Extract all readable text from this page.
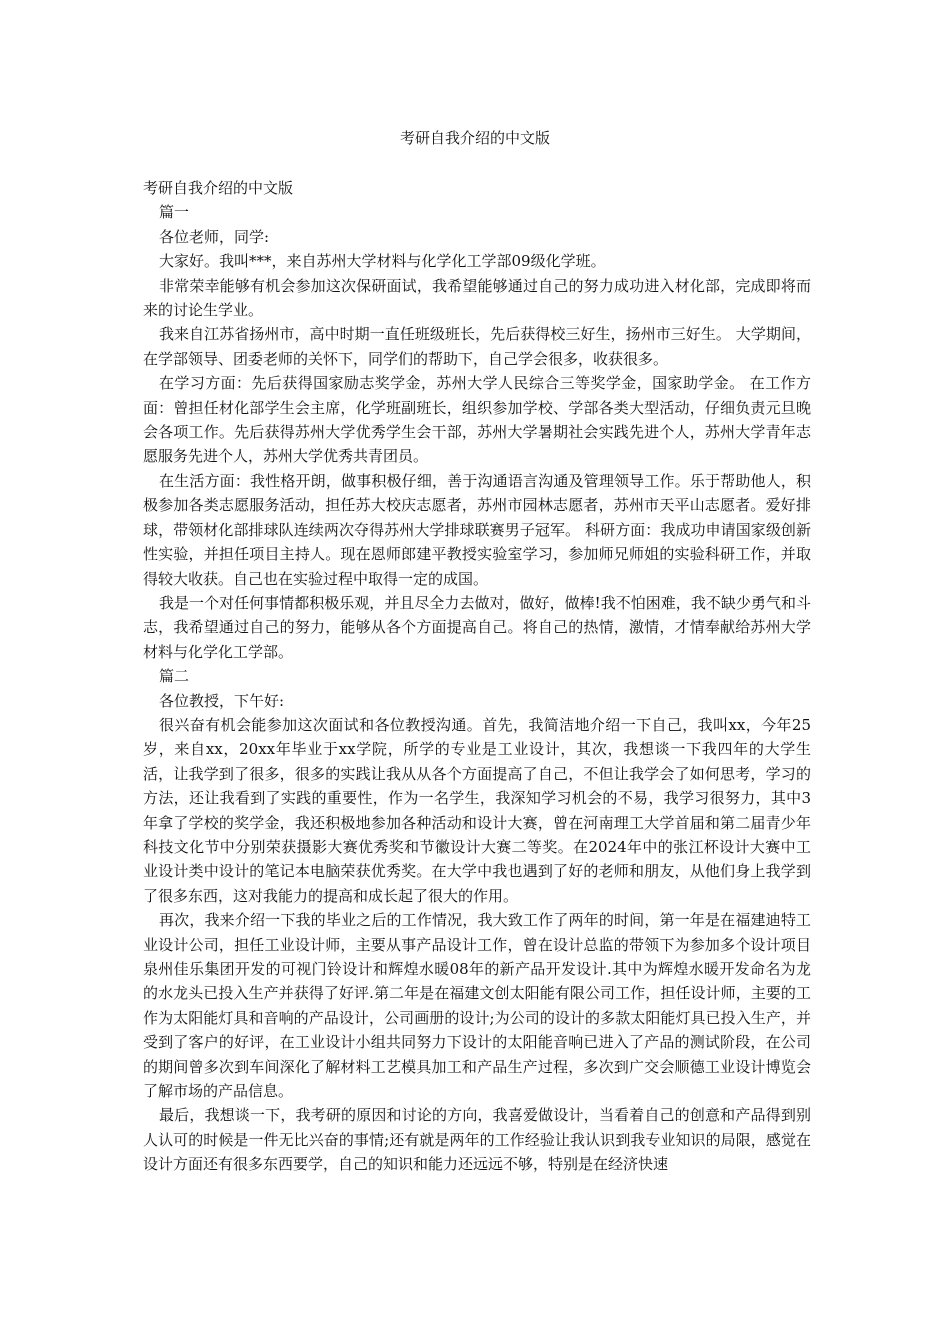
考研自我介绍的中文版

考研自我介绍的中文版

篇一

各位老师，同学:

大家好。我叫***，来自苏州大学材料与化学化工学部09级化学班。

非常荣幸能够有机会参加这次保研面试，我希望能够通过自己的努力成功进入材化部，完成即将而来的讨论生学业。

我来自江苏省扬州市，高中时期一直任班级班长，先后获得校三好生，扬州市三好生。 大学期间，在学部领导、团委老师的关怀下，同学们的帮助下，自己学会很多，收获很多。

在学习方面：先后获得国家励志奖学金，苏州大学人民综合三等奖学金，国家助学金。 在工作方面：曾担任材化部学生会主席，化学班副班长，组织参加学校、学部各类大型活动，仔细负责元旦晚会各项工作。先后获得苏州大学优秀学生会干部，苏州大学暑期社会实践先进个人，苏州大学青年志愿服务先进个人，苏州大学优秀共青团员。

在生活方面：我性格开朗，做事积极仔细，善于沟通语言沟通及管理领导工作。乐于帮助他人，积极参加各类志愿服务活动，担任苏大校庆志愿者，苏州市园林志愿者，苏州市天平山志愿者。爱好排球，带领材化部排球队连续两次夺得苏州大学排球联赛男子冠军。 科研方面：我成功申请国家级创新性实验，并担任项目主持人。现在恩师郎建平教授实验室学习，参加师兄师姐的实验科研工作，并取得较大收获。自己也在实验过程中取得一定的成国。

我是一个对任何事情都积极乐观，并且尽全力去做对，做好，做棒!我不怕困难，我不缺少勇气和斗志，我希望通过自己的努力，能够从各个方面提高自己。将自己的热情，激情，才情奉献给苏州大学材料与化学化工学部。

篇二

各位教授，下午好:

很兴奋有机会能参加这次面试和各位教授沟通。首先，我简洁地介绍一下自己，我叫xx，今年25岁，来自xx，20xx年毕业于xx学院，所学的专业是工业设计，其次，我想谈一下我四年的大学生活，让我学到了很多，很多的实践让我从从各个方面提高了自己，不但让我学会了如何思考，学习的方法，还让我看到了实践的重要性，作为一名学生，我深知学习机会的不易，我学习很努力，其中3年拿了学校的奖学金，我还积极地参加各种活动和设计大赛，曾在河南理工大学首届和第二届青少年科技文化节中分别荣获摄影大赛优秀奖和节徽设计大赛二等奖。在2024年中的张江杯设计大赛中工业设计类中设计的笔记本电脑荣获优秀奖。在大学中我也遇到了好的老师和朋友，从他们身上我学到了很多东西，这对我能力的提高和成长起了很大的作用。

再次，我来介绍一下我的毕业之后的工作情况，我大致工作了两年的时间，第一年是在福建迪特工业设计公司，担任工业设计师，主要从事产品设计工作，曾在设计总监的带领下为参加多个设计项目泉州佳乐集团开发的可视门铃设计和辉煌水暖08年的新产品开发设计.其中为辉煌水暖开发命名为龙的水龙头已投入生产并获得了好评.第二年是在福建文创太阳能有限公司工作，担任设计师，主要的工作为太阳能灯具和音响的产品设计，公司画册的设计;为公司的设计的多款太阳能灯具已投入生产，并受到了客户的好评，在工业设计小组共同努力下设计的太阳能音响已进入了产品的测试阶段，在公司的期间曾多次到车间深化了解材料工艺模具加工和产品生产过程，多次到广交会顺德工业设计博览会了解市场的产品信息。

最后，我想谈一下，我考研的原因和讨论的方向，我喜爱做设计，当看着自己的创意和产品得到别人认可的时候是一件无比兴奋的事情;还有就是两年的工作经验让我认识到我专业知识的局限，感觉在设计方面还有很多东西要学，自己的知识和能力还远远不够，特别是在经济快速
